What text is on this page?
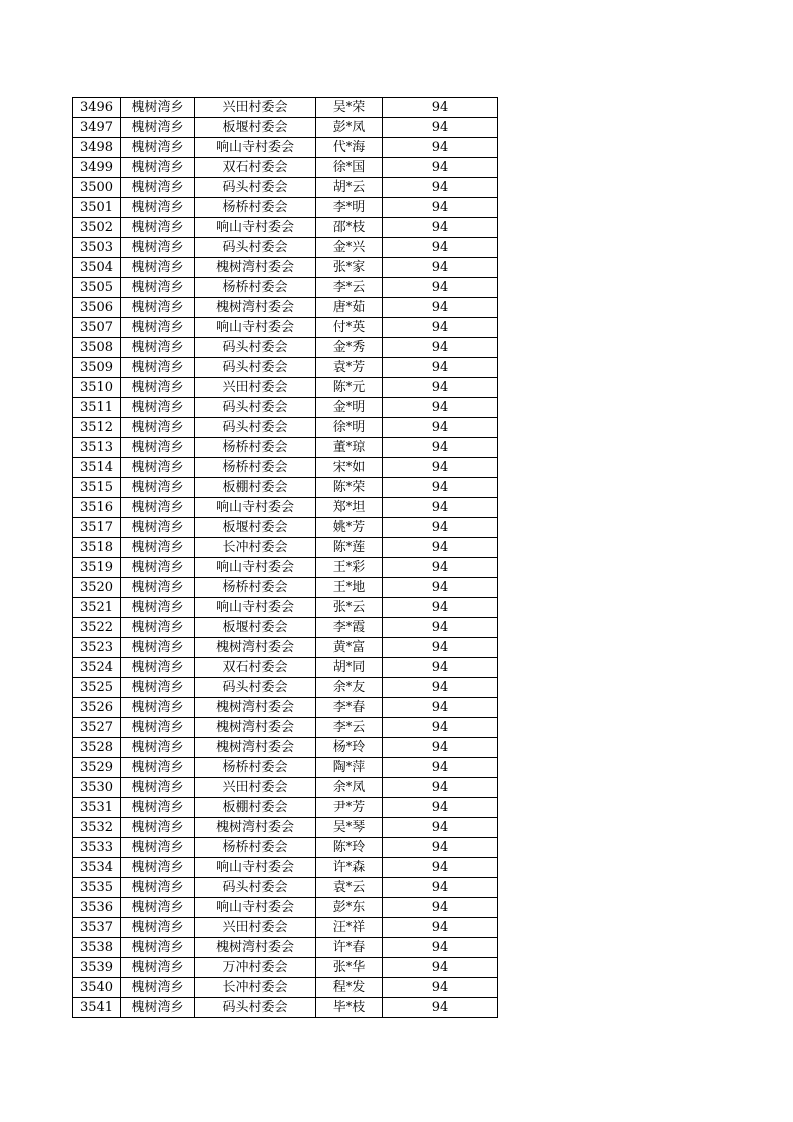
3496	槐树湾乡	兴田村委会	吴*荣	94
3497	槐树湾乡	板堰村委会	彭*凤	94
3498	槐树湾乡	响山寺村委会	代*海	94
3499	槐树湾乡	双石村委会	徐*国	94
3500	槐树湾乡	码头村委会	胡*云	94
3501	槐树湾乡	杨桥村委会	李*明	94
3502	槐树湾乡	响山寺村委会	邵*枝	94
3503	槐树湾乡	码头村委会	金*兴	94
3504	槐树湾乡	槐树湾村委会	张*家	94
3505	槐树湾乡	杨桥村委会	李*云	94
3506	槐树湾乡	槐树湾村委会	唐*茹	94
3507	槐树湾乡	响山寺村委会	付*英	94
3508	槐树湾乡	码头村委会	金*秀	94
3509	槐树湾乡	码头村委会	袁*芳	94
3510	槐树湾乡	兴田村委会	陈*元	94
3511	槐树湾乡	码头村委会	金*明	94
3512	槐树湾乡	码头村委会	徐*明	94
3513	槐树湾乡	杨桥村委会	董*琼	94
3514	槐树湾乡	杨桥村委会	宋*如	94
3515	槐树湾乡	板棚村委会	陈*荣	94
3516	槐树湾乡	响山寺村委会	郑*坦	94
3517	槐树湾乡	板堰村委会	姚*芳	94
3518	槐树湾乡	长冲村委会	陈*莲	94
3519	槐树湾乡	响山寺村委会	王*彩	94
3520	槐树湾乡	杨桥村委会	王*地	94
3521	槐树湾乡	响山寺村委会	张*云	94
3522	槐树湾乡	板堰村委会	李*霞	94
3523	槐树湾乡	槐树湾村委会	黄*富	94
3524	槐树湾乡	双石村委会	胡*同	94
3525	槐树湾乡	码头村委会	余*友	94
3526	槐树湾乡	槐树湾村委会	李*春	94
3527	槐树湾乡	槐树湾村委会	李*云	94
3528	槐树湾乡	槐树湾村委会	杨*玲	94
3529	槐树湾乡	杨桥村委会	陶*萍	94
3530	槐树湾乡	兴田村委会	余*凤	94
3531	槐树湾乡	板棚村委会	尹*芳	94
3532	槐树湾乡	槐树湾村委会	吴*琴	94
3533	槐树湾乡	杨桥村委会	陈*玲	94
3534	槐树湾乡	响山寺村委会	许*森	94
3535	槐树湾乡	码头村委会	袁*云	94
3536	槐树湾乡	响山寺村委会	彭*东	94
3537	槐树湾乡	兴田村委会	汪*祥	94
3538	槐树湾乡	槐树湾村委会	许*春	94
3539	槐树湾乡	万冲村委会	张*华	94
3540	槐树湾乡	长冲村委会	程*发	94
3541	槐树湾乡	码头村委会	毕*枝	94
